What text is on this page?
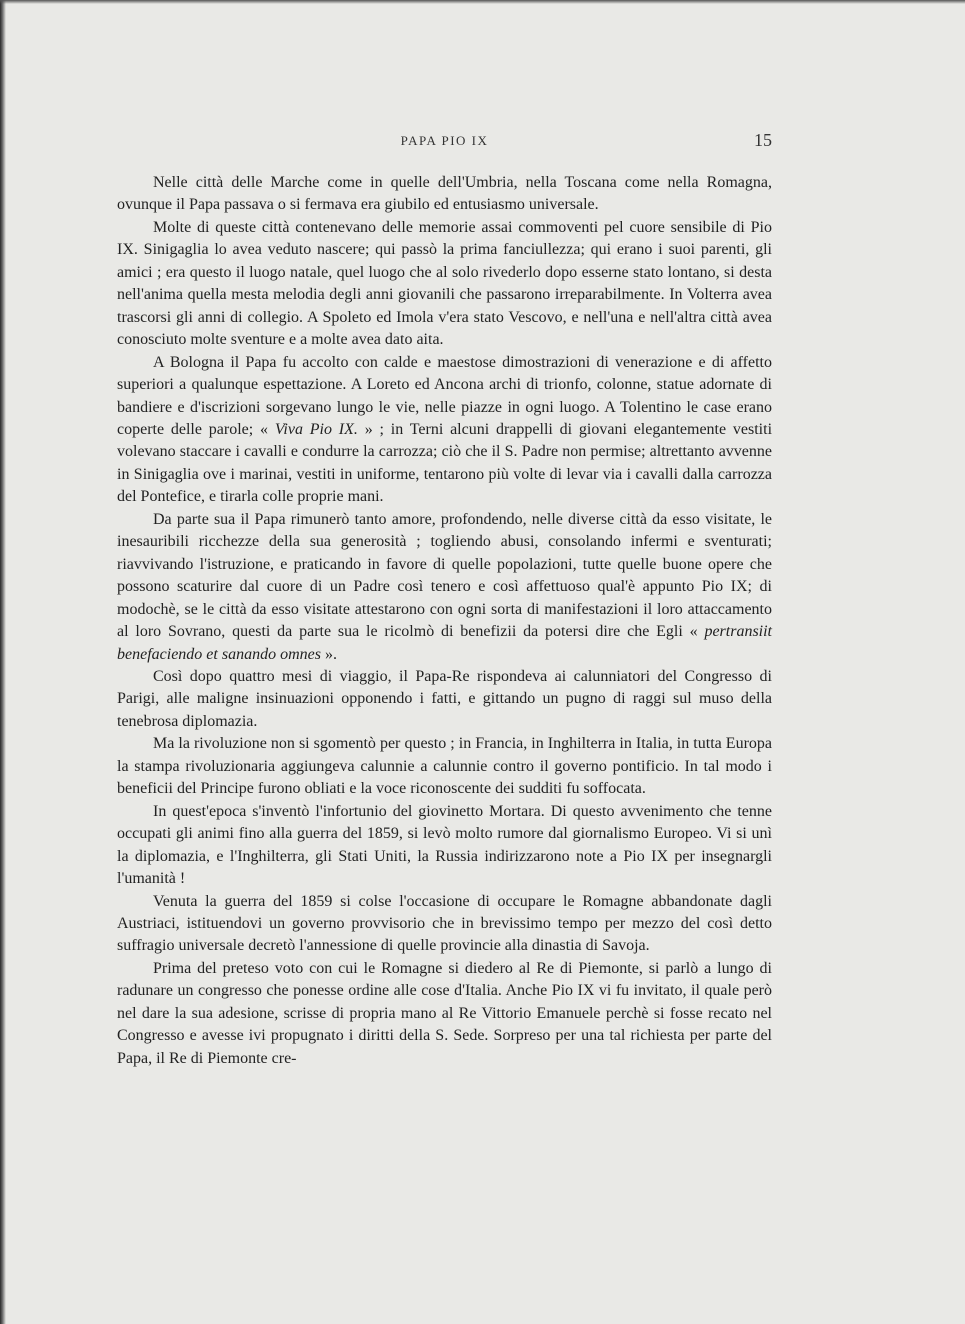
PAPA PIO IX	15

Nelle città delle Marche come in quelle dell'Umbria, nella Toscana come nella Romagna, ovunque il Papa passava o si fermava era giubilo ed entusiasmo universale.

Molte di queste città contenevano delle memorie assai commoventi pel cuore sensibile di Pio IX. Sinigaglia lo avea veduto nascere; qui passò la prima fanciullezza; qui erano i suoi parenti, gli amici ; era questo il luogo natale, quel luogo che al solo rivederlo dopo esserne stato lontano, si desta nell'anima quella mesta melodia degli anni giovanili che passarono irreparabilmente. In Volterra avea trascorsi gli anni di collegio. A Spoleto ed Imola v'era stato Vescovo, e nell'una e nell'altra città avea conosciuto molte sventure e a molte avea dato aita.

A Bologna il Papa fu accolto con calde e maestose dimostrazioni di venerazione e di affetto superiori a qualunque espettazione. A Loreto ed Ancona archi di trionfo, colonne, statue adornate di bandiere e d'iscrizioni sorgevano lungo le vie, nelle piazze in ogni luogo. A Tolentino le case erano coperte delle parole; « Viva Pio IX. » ; in Terni alcuni drappelli di giovani elegantemente vestiti volevano staccare i cavalli e condurre la carrozza; ciò che il S. Padre non permise; altrettanto avvenne in Sinigaglia ove i marinai, vestiti in uniforme, tentarono più volte di levar via i cavalli dalla carrozza del Pontefice, e tirarla colle proprie mani.

Da parte sua il Papa rimunerò tanto amore, profondendo, nelle diverse città da esso visitate, le inesauribili ricchezze della sua generosità ; togliendo abusi, consolando infermi e sventurati; riavvivando l'istruzione, e praticando in favore di quelle popolazioni, tutte quelle buone opere che possono scaturire dal cuore di un Padre così tenero e così affettuoso qual'è appunto Pio IX; di modochè, se le città da esso visitate attestarono con ogni sorta di manifestazioni il loro attaccamento al loro Sovrano, questi da parte sua le ricolmò di benefizii da potersi dire che Egli « pertransiit benefaciendo et sanando omnes ».

Così dopo quattro mesi di viaggio, il Papa-Re rispondeva ai calunniatori del Congresso di Parigi, alle maligne insinuazioni opponendo i fatti, e gittando un pugno di raggi sul muso della tenebrosa diplomazia.

Ma la rivoluzione non si sgomentò per questo ; in Francia, in Inghilterra in Italia, in tutta Europa la stampa rivoluzionaria aggiungeva calunnie a calunnie contro il governo pontificio. In tal modo i beneficii del Principe furono obliati e la voce riconoscente dei sudditi fu soffocata.

In quest'epoca s'inventò l'infortunio del giovinetto Mortara. Di questo avvenimento che tenne occupati gli animi fino alla guerra del 1859, si levò molto rumore dal giornalismo Europeo. Vi si unì la diplomazia, e l'Inghilterra, gli Stati Uniti, la Russia indirizzarono note a Pio IX per insegnargli l'umanità !

Venuta la guerra del 1859 si colse l'occasione di occupare le Romagne abbandonate dagli Austriaci, istituendovi un governo provvisorio che in brevissimo tempo per mezzo del così detto suffragio universale decretò l'annessione di quelle provincie alla dinastia di Savoja.

Prima del preteso voto con cui le Romagne si diedero al Re di Piemonte, si parlò a lungo di radunare un congresso che ponesse ordine alle cose d'Italia. Anche Pio IX vi fu invitato, il quale però nel dare la sua adesione, scrisse di propria mano al Re Vittorio Emanuele perchè si fosse recato nel Congresso e avesse ivi propugnato i diritti della S. Sede. Sorpreso per una tal richiesta per parte del Papa, il Re di Piemonte cre-
